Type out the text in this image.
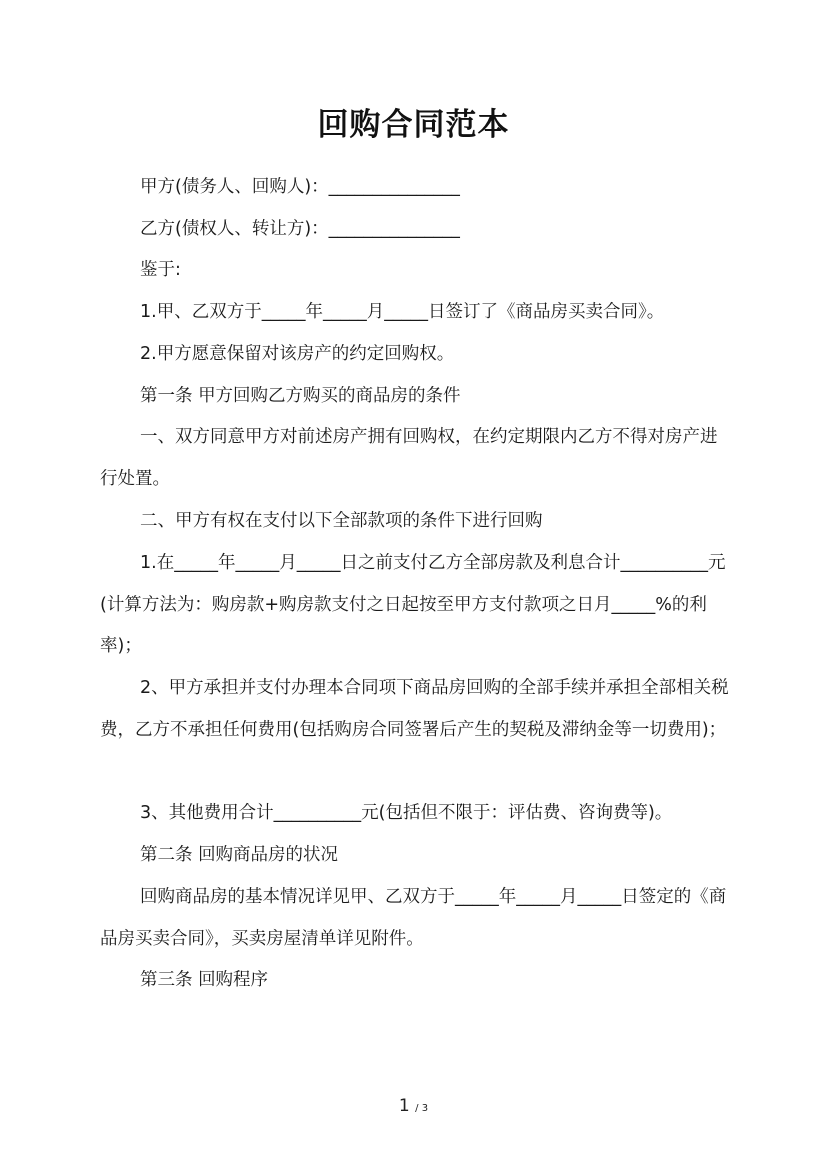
回购合同范本
甲方(债务人、回购人)：_______________
乙方(债权人、转让方)：_______________
鉴于:
1.甲、乙双方于_____年_____月_____日签订了《商品房买卖合同》。
2.甲方愿意保留对该房产的约定回购权。
第一条 甲方回购乙方购买的商品房的条件
一、双方同意甲方对前述房产拥有回购权，在约定期限内乙方不得对房产进行处置。
二、甲方有权在支付以下全部款项的条件下进行回购
1.在_____年_____月_____日之前支付乙方全部房款及利息合计__________元(计算方法为：购房款+购房款支付之日起按至甲方支付款项之日月_____%的利率)；
2、甲方承担并支付办理本合同项下商品房回购的全部手续并承担全部相关税费，乙方不承担任何费用(包括购房合同签署后产生的契税及滞纳金等一切费用)；
3、其他费用合计__________元(包括但不限于：评估费、咨询费等)。
第二条 回购商品房的状况
回购商品房的基本情况详见甲、乙双方于_____年_____月_____日签定的《商品房买卖合同》，买卖房屋清单详见附件。
第三条 回购程序
1 / 3
